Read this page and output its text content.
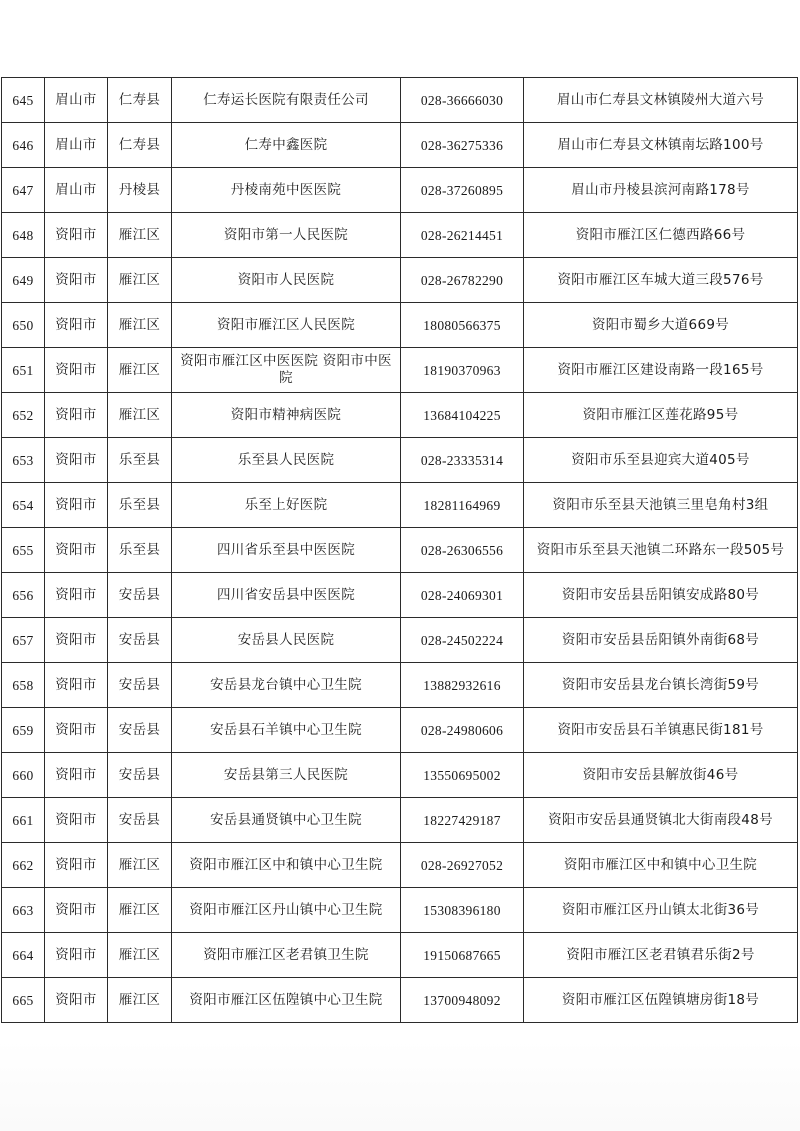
645	眉山市	仁寿县	仁寿运长医院有限责任公司	028-36666030	眉山市仁寿县文林镇陵州大道六号
646	眉山市	仁寿县	仁寿中鑫医院	028-36275336	眉山市仁寿县文林镇南坛路100号
647	眉山市	丹棱县	丹棱南苑中医医院	028-37260895	眉山市丹棱县滨河南路178号
648	资阳市	雁江区	资阳市第一人民医院	028-26214451	资阳市雁江区仁德西路66号
649	资阳市	雁江区	资阳市人民医院	028-26782290	资阳市雁江区车城大道三段576号
650	资阳市	雁江区	资阳市雁江区人民医院	18080566375	资阳市蜀乡大道669号
651	资阳市	雁江区	资阳市雁江区中医医院 资阳市中医院	18190370963	资阳市雁江区建设南路一段165号
652	资阳市	雁江区	资阳市精神病医院	13684104225	资阳市雁江区莲花路95号
653	资阳市	乐至县	乐至县人民医院	028-23335314	资阳市乐至县迎宾大道405号
654	资阳市	乐至县	乐至上好医院	18281164969	资阳市乐至县天池镇三里皂角村3组
655	资阳市	乐至县	四川省乐至县中医医院	028-26306556	资阳市乐至县天池镇二环路东一段505号
656	资阳市	安岳县	四川省安岳县中医医院	028-24069301	资阳市安岳县岳阳镇安成路80号
657	资阳市	安岳县	安岳县人民医院	028-24502224	资阳市安岳县岳阳镇外南街68号
658	资阳市	安岳县	安岳县龙台镇中心卫生院	13882932616	资阳市安岳县龙台镇长湾街59号
659	资阳市	安岳县	安岳县石羊镇中心卫生院	028-24980606	资阳市安岳县石羊镇惠民街181号
660	资阳市	安岳县	安岳县第三人民医院	13550695002	资阳市安岳县解放街46号
661	资阳市	安岳县	安岳县通贤镇中心卫生院	18227429187	资阳市安岳县通贤镇北大街南段48号
662	资阳市	雁江区	资阳市雁江区中和镇中心卫生院	028-26927052	资阳市雁江区中和镇中心卫生院
663	资阳市	雁江区	资阳市雁江区丹山镇中心卫生院	15308396180	资阳市雁江区丹山镇太北街36号
664	资阳市	雁江区	资阳市雁江区老君镇卫生院	19150687665	资阳市雁江区老君镇君乐街2号
665	资阳市	雁江区	资阳市雁江区伍隍镇中心卫生院	13700948092	资阳市雁江区伍隍镇塘房街18号
